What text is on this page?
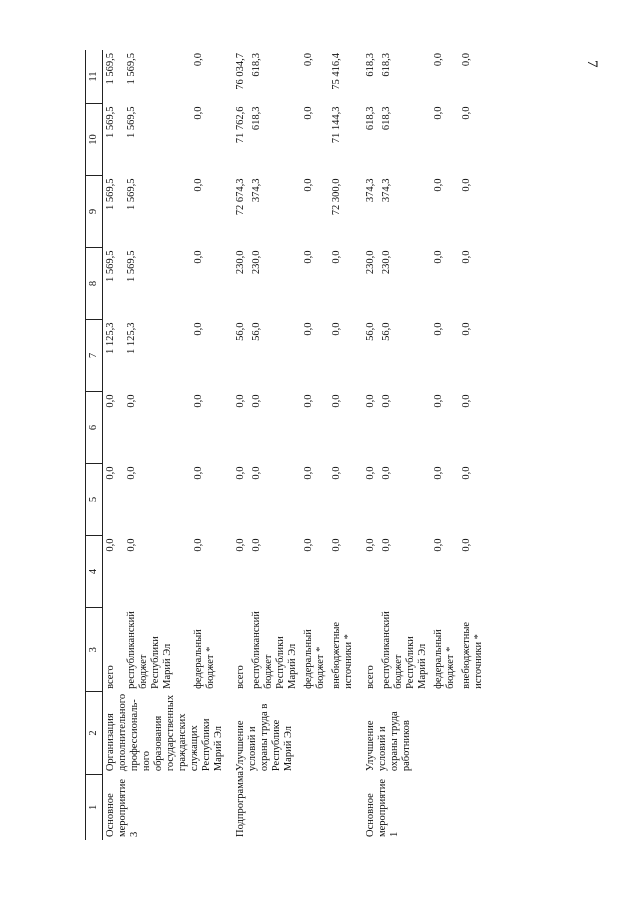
7
1	2	3	4	5	6	7	8	9	10	11
Основное мероприятие 3	Организация дополнительного профессиональ- ного образования государственных гражданских служащих Республики Марий Эл	всего	0,0	0,0	0,0	1 125,3	1 569,5	1 569,5	1 569,5	1 569,5
		республиканский бюджет Республики Марий Эл	0,0	0,0	0,0	1 125,3	1 569,5	1 569,5	1 569,5	1 569,5
		федеральный бюджет *	0,0	0,0	0,0	0,0	0,0	0,0	0,0	0,0

Подпрограмма	Улучшение условий и охраны труда в Республике Марий Эл	всего	0,0	0,0	0,0	56,0	230,0	72 674,3	71 762,6	76 034,7
		республиканский бюджет Республики Марий Эл	0,0	0,0	0,0	56,0	230,0	374,3	618,3	618,3
		федеральный бюджет *	0,0	0,0	0,0	0,0	0,0	0,0	0,0	0,0
		внебюджетные источники *	0,0	0,0	0,0	0,0	0,0	72 300,0	71 144,3	75 416,4

Основное мероприятие 1	Улучшение условий и охраны труда работников	всего	0,0	0,0	0,0	56,0	230,0	374,3	618,3	618,3
		республиканский бюджет Республики Марий Эл	0,0	0,0	0,0	56,0	230,0	374,3	618,3	618,3
		федеральный бюджет *	0,0	0,0	0,0	0,0	0,0	0,0	0,0	0,0
		внебюджетные источники *	0,0	0,0	0,0	0,0	0,0	0,0	0,0	0,0
